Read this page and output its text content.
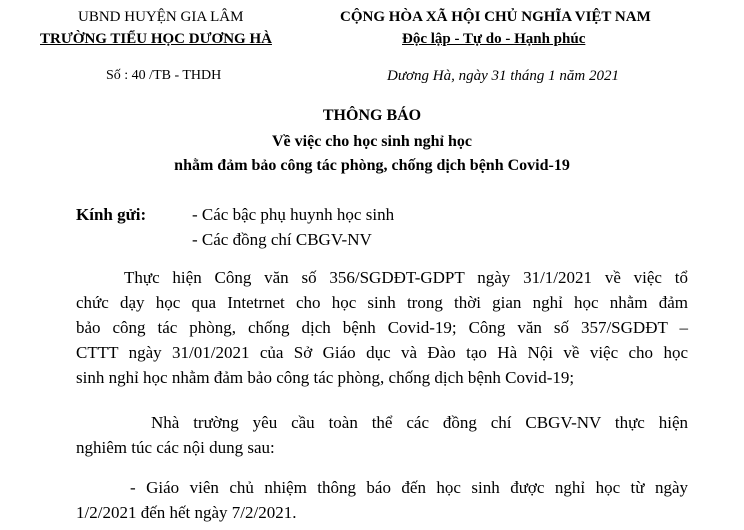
UBND HUYỆN GIA LÂM
TRƯỜNG TIỂU HỌC DƯƠNG HÀ
CỘNG HÒA XÃ HỘI CHỦ NGHĨA VIỆT NAM
Độc lập - Tự do - Hạnh phúc
Số : 40 /TB - THDH	Dương Hà, ngày 31 tháng 1 năm 2021
THÔNG BÁO
Về việc cho học sinh nghỉ học
nhằm đảm bảo công tác phòng, chống dịch bệnh Covid-19
Kính gửi:	- Các bậc phụ huynh học sinh
- Các đồng chí CBGV-NV
Thực hiện Công văn số 356/SGDĐT-GDPT ngày 31/1/2021 về việc tổ
chức dạy học qua Intetrnet cho học sinh trong thời gian nghỉ học nhằm đảm
bảo công tác phòng, chống dịch bệnh Covid-19; Công văn số 357/SGDĐT –
CTTT ngày 31/01/2021 của Sở Giáo dục và Đào tạo Hà Nội về việc cho học
sinh nghỉ học nhằm đảm bảo công tác phòng, chống dịch bệnh Covid-19;
Nhà trường yêu cầu toàn thể các đồng chí CBGV-NV thực hiện
nghiêm túc các nội dung sau:
- Giáo viên chủ nhiệm thông báo đến học sinh được nghỉ học từ ngày
1/2/2021 đến hết ngày 7/2/2021.
